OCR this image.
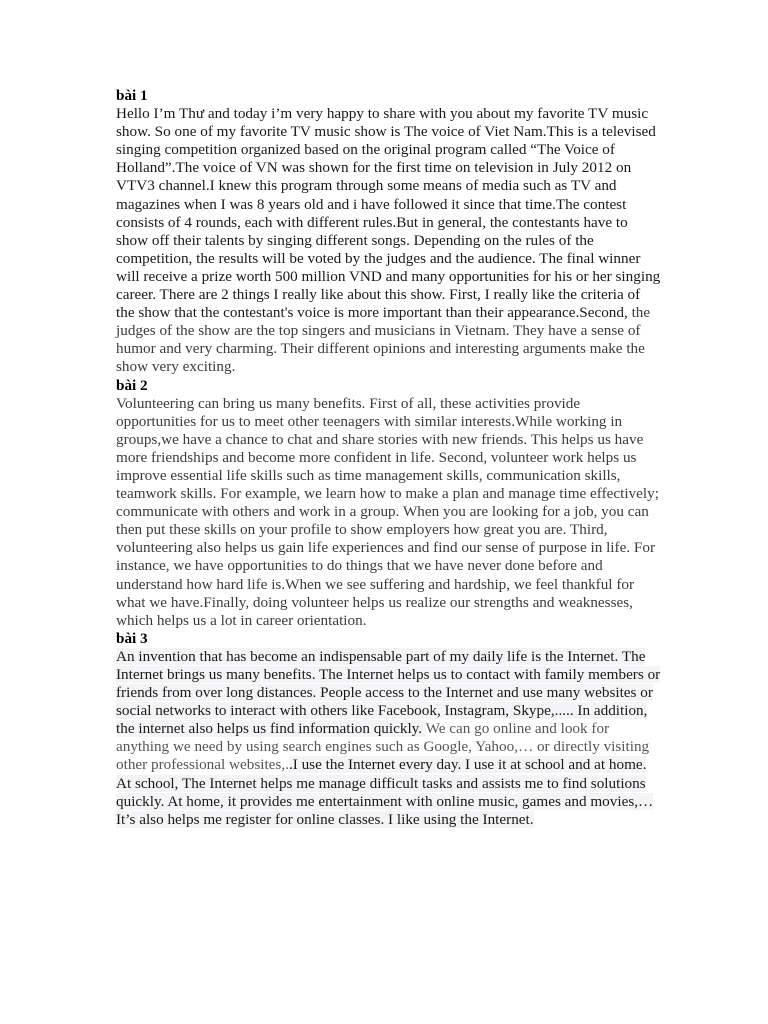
bài 1

Hello I’m Thư and today i’m very happy to share with you about my favorite TV music show. So one of my favorite TV music show is The voice of Viet Nam.This is a televised singing competition organized based on the original program called “The Voice of Holland”.The voice of VN was shown for the first time on television in July 2012 on VTV3 channel.I knew this program through some means of media such as TV and magazines when I was 8 years old and i have followed it since that time.The contest consists of 4 rounds, each with different rules.But in general, the contestants have to show off their talents by singing different songs. Depending on the rules of the competition, the results will be voted by the judges and the audience. The final winner will receive a prize worth 500 million VND and many opportunities for his or her singing career. There are 2 things I really like about this show. First, I really like the criteria of the show that the contestant's voice is more important than their appearance.Second, the judges of the show are the top singers and musicians in Vietnam. They have a sense of humor and very charming. Their different opinions and interesting arguments make the show very exciting.

bài 2

Volunteering can bring us many benefits. First of all, these activities provide opportunities for us to meet other teenagers with similar interests.While working in groups,we have a chance to chat and share stories with new friends. This helps us have more friendships and become more confident in life. Second, volunteer work helps us improve essential life skills such as time management skills, communication skills, teamwork skills. For example, we learn how to make a plan and manage time effectively; communicate with others and work in a group. When you are looking for a job, you can then put these skills on your profile to show employers how great you are. Third, volunteering also helps us gain life experiences and find our sense of purpose in life. For instance, we have opportunities to do things that we have never done before and understand how hard life is.When we see suffering and hardship, we feel thankful for what we have.Finally, doing volunteer helps us realize our strengths and weaknesses, which helps us a lot in career orientation.

bài 3

An invention that has become an indispensable part of my daily life is the Internet. The Internet brings us many benefits. The Internet helps us to contact with family members or friends from over long distances. People access to the Internet and use many websites or social networks to interact with others like Facebook, Instagram, Skype,..... In addition, the internet also helps us find information quickly. We can go online and look for anything we need by using search engines such as Google, Yahoo,… or directly visiting other professional websites,..I use the Internet every day. I use it at school and at home. At school, The Internet helps me manage difficult tasks and assists me to find solutions quickly. At home, it provides me entertainment with online music, games and movies,… It’s also helps me register for online classes. I like using the Internet.
